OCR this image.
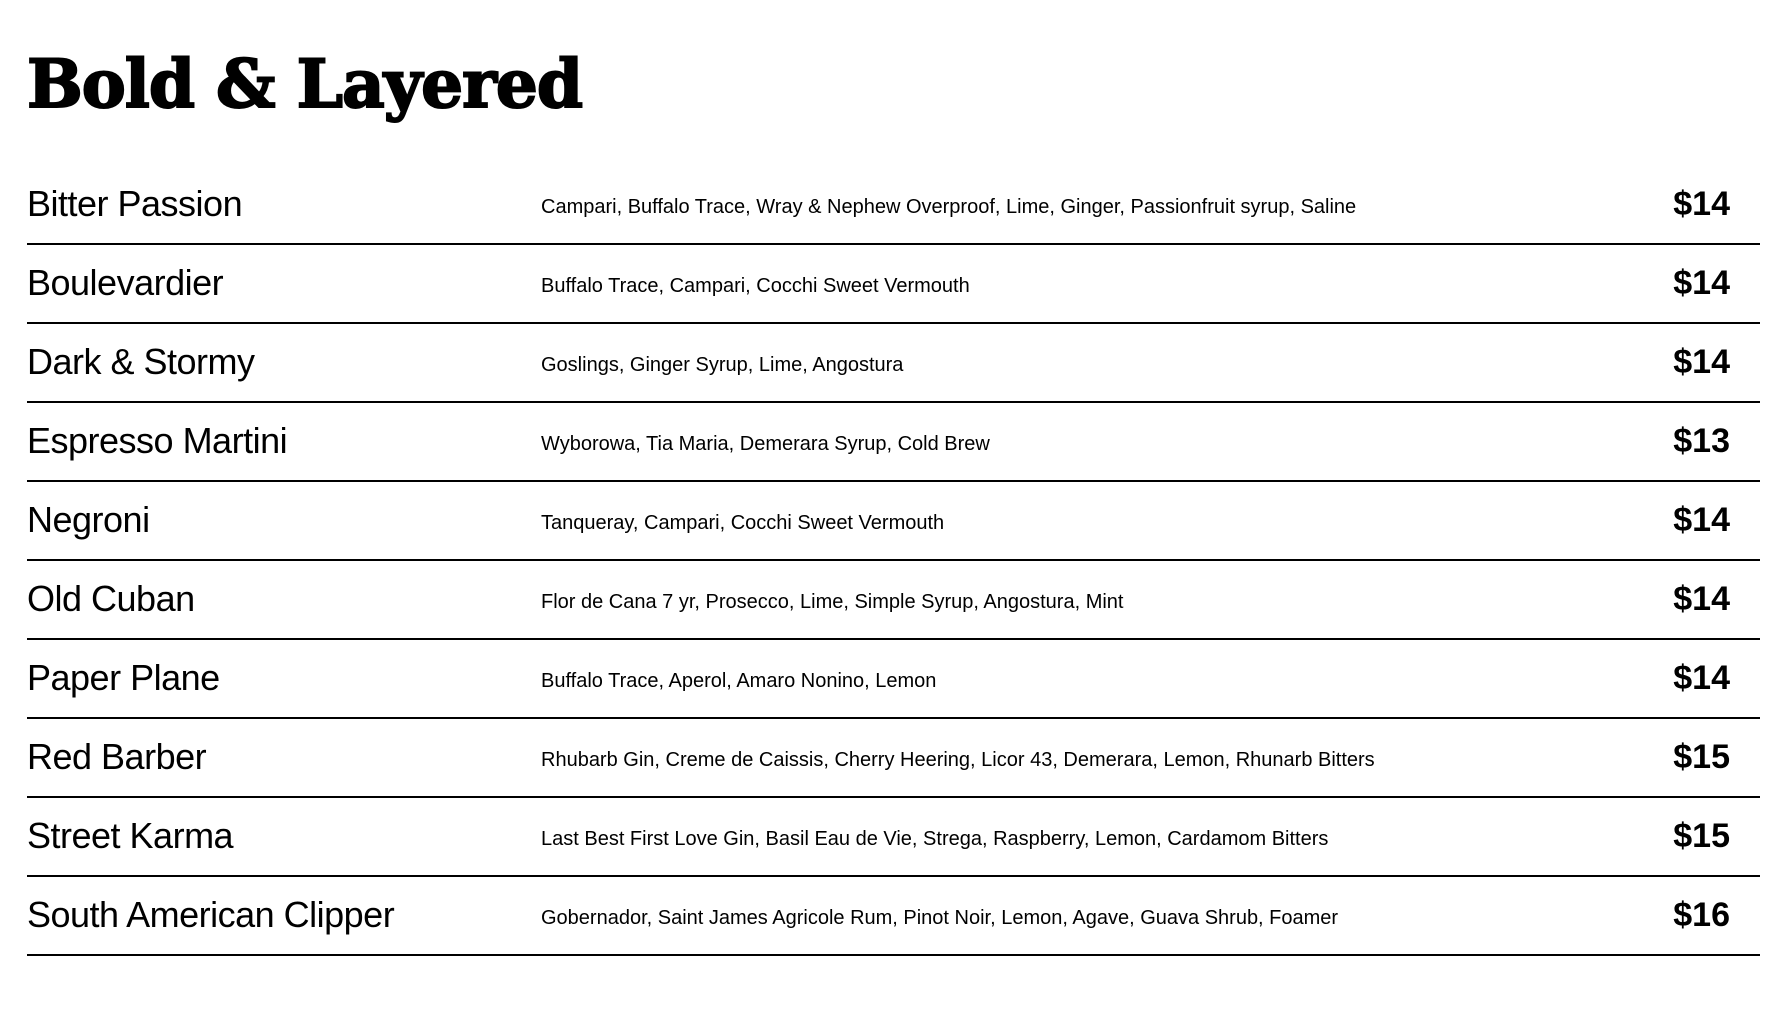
Bold & Layered
Bitter Passion	Campari, Buffalo Trace, Wray & Nephew Overproof, Lime, Ginger, Passionfruit syrup, Saline	$14
Boulevardier	Buffalo Trace, Campari, Cocchi Sweet Vermouth	$14
Dark & Stormy	Goslings, Ginger Syrup, Lime, Angostura	$14
Espresso Martini	Wyborowa, Tia Maria, Demerara Syrup, Cold Brew	$13
Negroni	Tanqueray, Campari, Cocchi Sweet Vermouth	$14
Old Cuban	Flor de Cana 7 yr, Prosecco, Lime, Simple Syrup, Angostura, Mint	$14
Paper Plane	Buffalo Trace, Aperol, Amaro Nonino, Lemon	$14
Red Barber	Rhubarb Gin, Creme de Caissis, Cherry Heering, Licor 43, Demerara, Lemon, Rhunarb Bitters	$15
Street Karma	Last Best First Love Gin, Basil Eau de Vie, Strega, Raspberry, Lemon, Cardamom Bitters	$15
South American Clipper	Gobernador, Saint James Agricole Rum, Pinot Noir, Lemon, Agave, Guava Shrub, Foamer	$16
